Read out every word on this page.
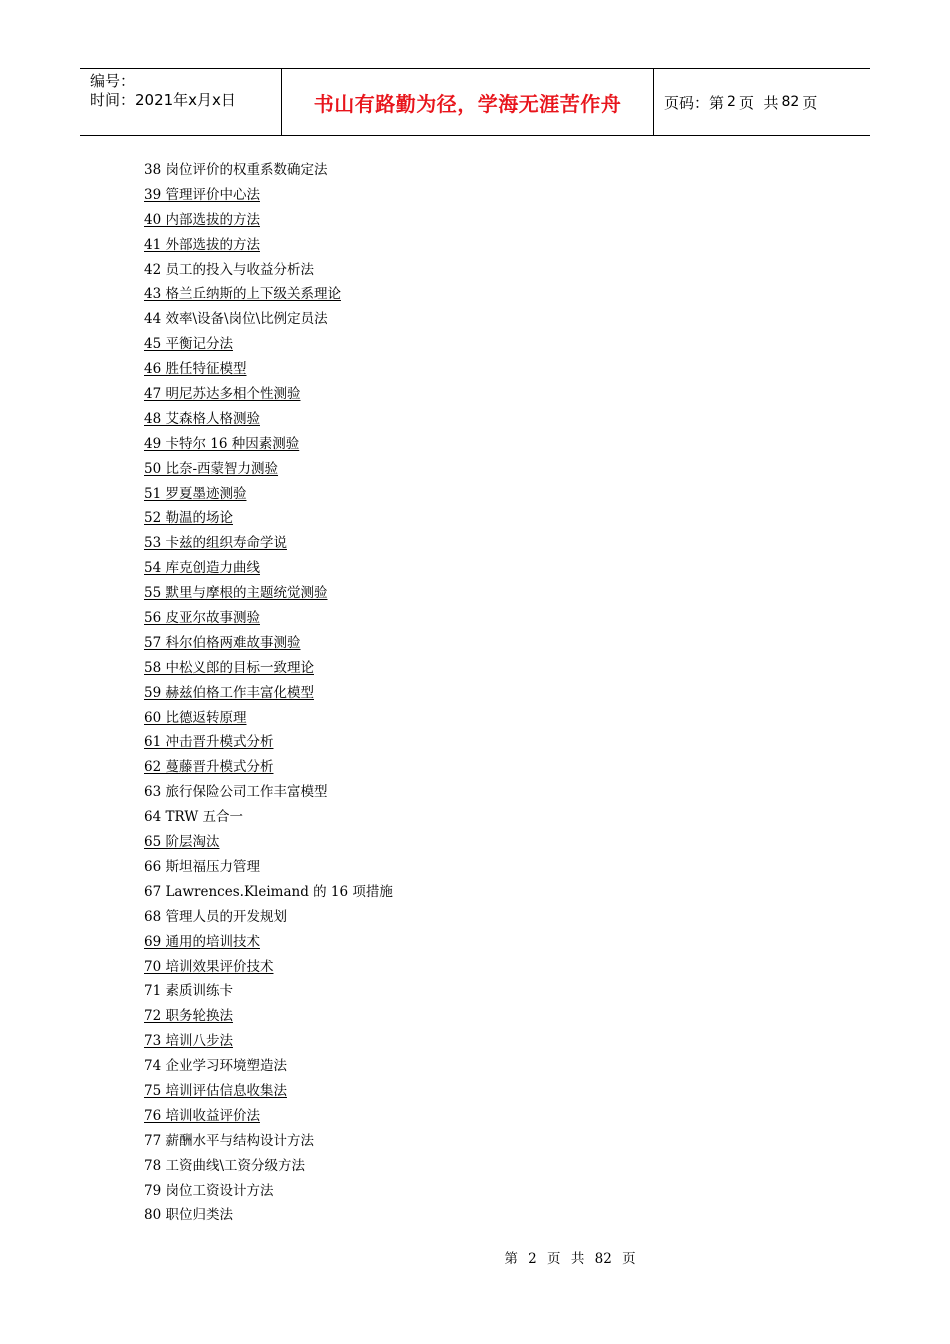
编号：
时间：2021年x月x日	书山有路勤为径，学海无涯苦作舟	页码：第 2 页  共 82 页
38 岗位评价的权重系数确定法
39 管理评价中心法
40 内部选拔的方法
41 外部选拔的方法
42 员工的投入与收益分析法
43 格兰丘纳斯的上下级关系理论
44 效率\设备\岗位\比例定员法
45 平衡记分法
46 胜任特征模型
47 明尼苏达多相个性测验
48 艾森格人格测验
49 卡特尔 16 种因素测验
50 比奈-西蒙智力测验
51 罗夏墨迹测验
52 勒温的场论
53 卡兹的组织寿命学说
54 库克创造力曲线
55 默里与摩根的主题统觉测验
56 皮亚尔故事测验
57 科尔伯格两难故事测验
58 中松义郎的目标一致理论
59 赫兹伯格工作丰富化模型
60 比德返转原理
61 冲击晋升模式分析
62 蔓藤晋升模式分析
63 旅行保险公司工作丰富模型
64 TRW 五合一
65 阶层淘汰
66 斯坦福压力管理
67 Lawrences.Kleimand 的 16 项措施
68 管理人员的开发规划
69 通用的培训技术
70 培训效果评价技术
71 素质训练卡
72 职务轮换法
73 培训八步法
74 企业学习环境塑造法
75 培训评估信息收集法
76 培训收益评价法
77 薪酬水平与结构设计方法
78 工资曲线\工资分级方法
79 岗位工资设计方法
80 职位归类法
第 2 页 共 82 页
